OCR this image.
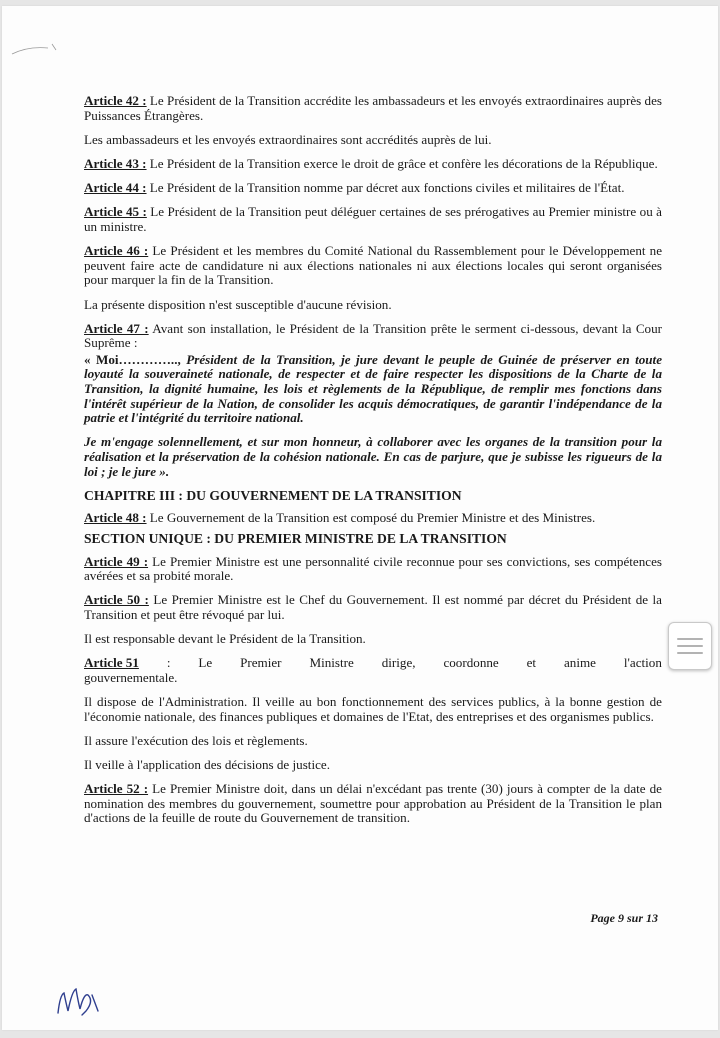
Article 42 : Le Président de la Transition accrédite les ambassadeurs et les envoyés extraordinaires auprès des Puissances Étrangères.

Les ambassadeurs et les envoyés extraordinaires sont accrédités auprès de lui.

Article 43 : Le Président de la Transition exerce le droit de grâce et confère les décorations de la République.

Article 44 : Le Président de la Transition nomme par décret aux fonctions civiles et militaires de l'État.

Article 45 : Le Président de la Transition peut déléguer certaines de ses prérogatives au Premier ministre ou à un ministre.

Article 46 : Le Président et les membres du Comité National du Rassemblement pour le Développement ne peuvent faire acte de candidature ni aux élections nationales ni aux élections locales qui seront organisées pour marquer la fin de la Transition.

La présente disposition n'est susceptible d'aucune révision.

Article 47 : Avant son installation, le Président de la Transition prête le serment ci-dessous, devant la Cour Suprême :

« Moi………….., Président de la Transition, je jure devant le peuple de Guinée de préserver en toute loyauté la souveraineté nationale, de respecter et de faire respecter les dispositions de la Charte de la Transition, la dignité humaine, les lois et règlements de la République, de remplir mes fonctions dans l'intérêt supérieur de la Nation, de consolider les acquis démocratiques, de garantir l'indépendance de la patrie et l'intégrité du territoire national.

Je m'engage solennellement, et sur mon honneur, à collaborer avec les organes de la transition pour la réalisation et la préservation de la cohésion nationale. En cas de parjure, que je subisse les rigueurs de la loi ; je le jure ».

CHAPITRE III : DU GOUVERNEMENT DE LA TRANSITION

Article 48 : Le Gouvernement de la Transition est composé du Premier Ministre et des Ministres.

SECTION UNIQUE : DU PREMIER MINISTRE DE LA TRANSITION

Article 49 : Le Premier Ministre est une personnalité civile reconnue pour ses convictions, ses compétences avérées et sa probité morale.

Article 50 : Le Premier Ministre est le Chef du Gouvernement. Il est nommé par décret du Président de la Transition et peut être révoqué par lui.

Il est responsable devant le Président de la Transition.

Article 51 : Le Premier Ministre dirige, coordonne et anime l'action

gouvernementale.

Il dispose de l'Administration. Il veille au bon fonctionnement des services publics, à la bonne gestion de l'économie nationale, des finances publiques et domaines de l'Etat, des entreprises et des organismes publics.

Il assure l'exécution des lois et règlements.

Il veille à l'application des décisions de justice.

Article 52 : Le Premier Ministre doit, dans un délai n'excédant pas trente (30) jours à compter de la date de nomination des membres du gouvernement, soumettre pour approbation au Président de la Transition le plan d'actions de la feuille de route du Gouvernement de transition.

Page 9 sur 13
